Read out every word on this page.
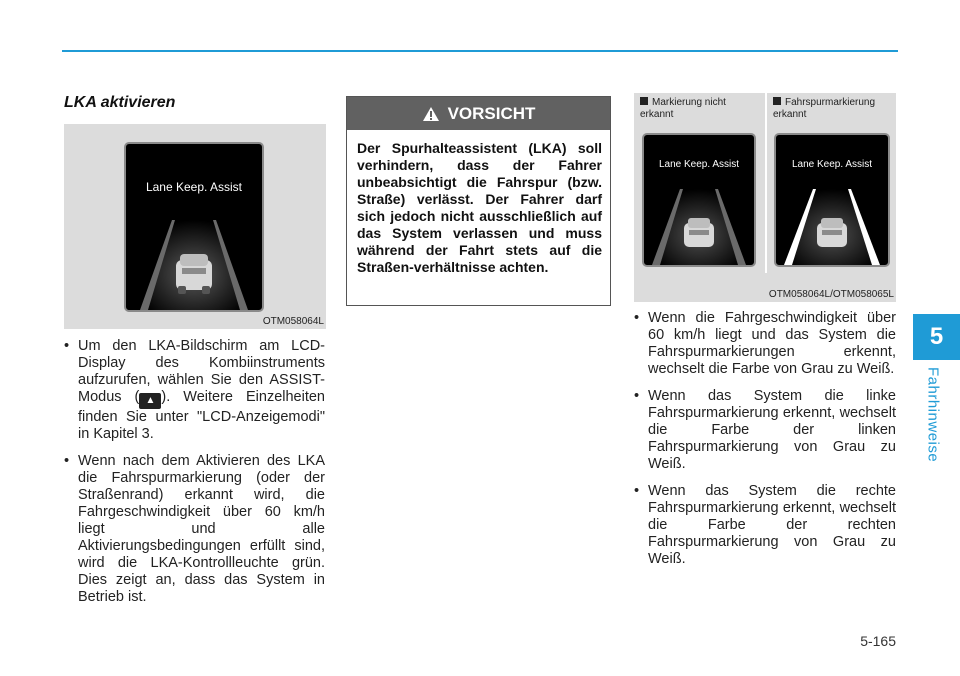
LKA aktivieren
Lane Keep. Assist
OTM058064L
• Um den LKA-Bildschirm am LCD-Display des Kombiinstruments aufzurufen, wählen Sie den ASSIST-Modus ( ▲ ). Weitere Einzelheiten finden Sie unter "LCD-Anzeigemodi" in Kapitel 3.
• Wenn nach dem Aktivieren des LKA die Fahrspurmarkierung (oder der Straßenrand) erkannt wird, die Fahrgeschwindigkeit über 60 km/h liegt und alle Aktivierungsbedingungen erfüllt sind, wird die LKA-Kontrollleuchte grün. Dies zeigt an, dass das System in Betrieb ist.
VORSICHT
Der Spurhalteassistent (LKA) soll verhindern, dass der Fahrer unbeabsichtigt die Fahrspur (bzw. Straße) verlässt. Der Fahrer darf sich jedoch nicht ausschließlich auf das System verlassen und muss während der Fahrt stets auf die Straßen-verhältnisse achten.
Markierung nicht erkannt
Fahrspurmarkierung erkannt
Lane Keep. Assist	Lane Keep. Assist
OTM058064L/OTM058065L
• Wenn die Fahrgeschwindigkeit über 60 km/h liegt und das System die Fahrspurmarkierungen erkennt, wechselt die Farbe von Grau zu Weiß.
• Wenn das System die linke Fahrspurmarkierung erkennt, wechselt die Farbe der linken Fahrspurmarkierung von Grau zu Weiß.
• Wenn das System die rechte Fahrspurmarkierung erkennt, wechselt die Farbe der rechten Fahrspurmarkierung von Grau zu Weiß.
5
Fahrhinweise
5-165
